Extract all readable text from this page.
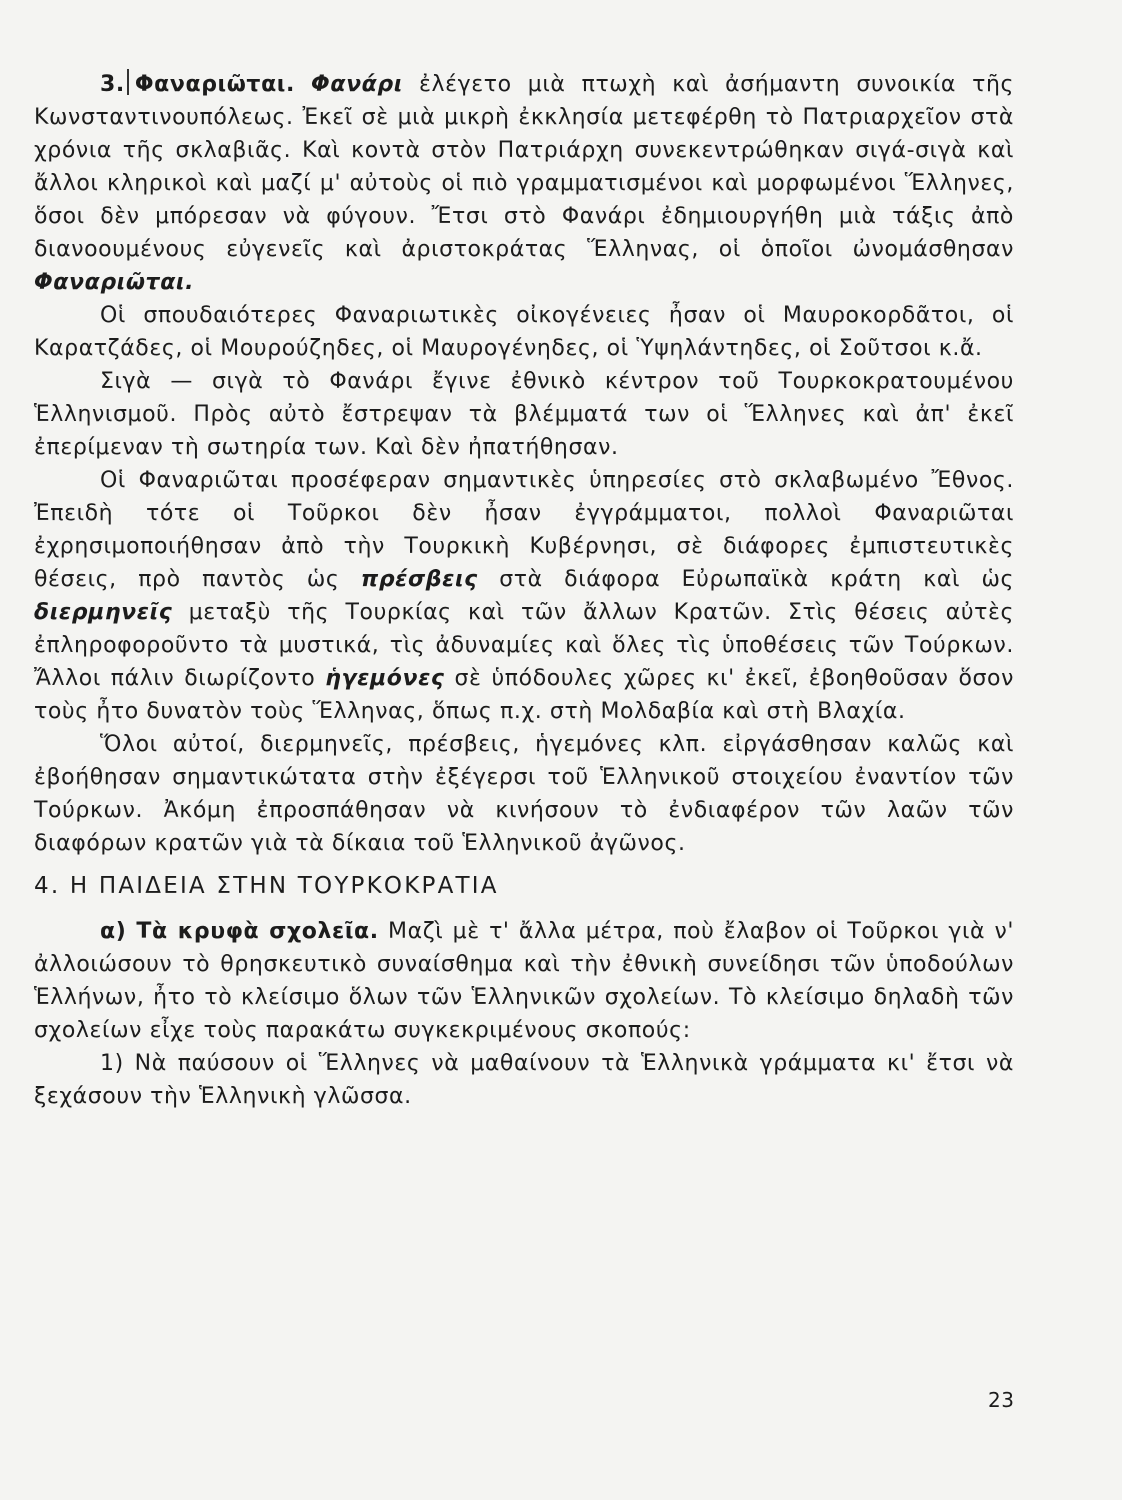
3. Φαναριῶται. Φανάρι ἐλέγετο μιὰ πτωχὴ καὶ ἀσήμαντη συνοικία τῆς Κωνσταντινουπόλεως. Ἐκεῖ σὲ μιὰ μικρὴ ἐκκλησία μετεφέρθη τὸ Πατριαρχεῖον στὰ χρόνια τῆς σκλαβιᾶς. Καὶ κοντὰ στὸν Πατριάρχη συνεκεντρώθηκαν σιγά-σιγὰ καὶ ἄλλοι κληρικοὶ καὶ μαζί μ' αὐτοὺς οἱ πιὸ γραμματισμένοι καὶ μορφωμένοι Ἕλληνες, ὅσοι δὲν μπόρεσαν νὰ φύγουν. Ἔτσι στὸ Φανάρι ἐδημιουργήθη μιὰ τάξις ἀπὸ διανοουμένους εὐγενεῖς καὶ ἀριστοκράτας Ἕλληνας, οἱ ὁποῖοι ὠνομάσθησαν Φαναριῶται.

Οἱ σπουδαιότερες Φαναριωτικὲς οἰκογένειες ἦσαν οἱ Μαυροκορδᾶτοι, οἱ Καρατζάδες, οἱ Μουρούζηδες, οἱ Μαυρογένηδες, οἱ Ὑψηλάντηδες, οἱ Σοῦτσοι κ.ἄ.

Σιγὰ — σιγὰ τὸ Φανάρι ἔγινε ἐθνικὸ κέντρον τοῦ Τουρκοκρατουμένου Ἑλληνισμοῦ. Πρὸς αὐτὸ ἔστρεψαν τὰ βλέμματά των οἱ Ἕλληνες καὶ ἀπ' ἐκεῖ ἐπερίμεναν τὴ σωτηρία των. Καὶ δὲν ἠπατήθησαν.

Οἱ Φαναριῶται προσέφεραν σημαντικὲς ὑπηρεσίες στὸ σκλαβωμένο Ἔθνος. Ἐπειδὴ τότε οἱ Τοῦρκοι δὲν ἦσαν ἐγγράμματοι, πολλοὶ Φαναριῶται ἐχρησιμοποιήθησαν ἀπὸ τὴν Τουρκικὴ Κυβέρνησι, σὲ διάφορες ἐμπιστευτικὲς θέσεις, πρὸ παντὸς ὡς πρέσβεις στὰ διάφορα Εὐρωπαϊκὰ κράτη καὶ ὡς διερμηνεῖς μεταξὺ τῆς Τουρκίας καὶ τῶν ἄλλων Κρατῶν. Στὶς θέσεις αὐτὲς ἐπληροφοροῦντο τὰ μυστικά, τὶς ἀδυναμίες καὶ ὅλες τὶς ὑποθέσεις τῶν Τούρκων. Ἄλλοι πάλιν διωρίζοντο ἡγεμόνες σὲ ὑπόδουλες χῶρες κι' ἐκεῖ, ἐβοηθοῦσαν ὅσον τοὺς ἦτο δυνατὸν τοὺς Ἕλληνας, ὅπως π.χ. στὴ Μολδαβία καὶ στὴ Βλαχία.

Ὅλοι αὐτοί, διερμηνεῖς, πρέσβεις, ἡγεμόνες κλπ. εἰργάσθησαν καλῶς καὶ ἐβοήθησαν σημαντικώτατα στὴν ἐξέγερσι τοῦ Ἑλληνικοῦ στοιχείου ἐναντίον τῶν Τούρκων. Ἀκόμη ἐπροσπάθησαν νὰ κινήσουν τὸ ἐνδιαφέρον τῶν λαῶν τῶν διαφόρων κρατῶν γιὰ τὰ δίκαια τοῦ Ἑλληνικοῦ ἀγῶνος.

4. Η ΠΑΙΔΕΙΑ ΣΤΗΝ ΤΟΥΡΚΟΚΡΑΤΙΑ

α) Τὰ κρυφὰ σχολεῖα. Μαζὶ μὲ τ' ἄλλα μέτρα, ποὺ ἔλαβον οἱ Τοῦρκοι γιὰ ν' ἀλλοιώσουν τὸ θρησκευτικὸ συναίσθημα καὶ τὴν ἐθνικὴ συνείδησι τῶν ὑποδούλων Ἑλλήνων, ἦτο τὸ κλείσιμο ὅλων τῶν Ἑλληνικῶν σχολείων. Τὸ κλείσιμο δηλαδὴ τῶν σχολείων εἶχε τοὺς παρακάτω συγκεκριμένους σκοπούς:

1) Νὰ παύσουν οἱ Ἕλληνες νὰ μαθαίνουν τὰ Ἑλληνικὰ γράμματα κι' ἔτσι νὰ ξεχάσουν τὴν Ἑλληνικὴ γλῶσσα.

23
